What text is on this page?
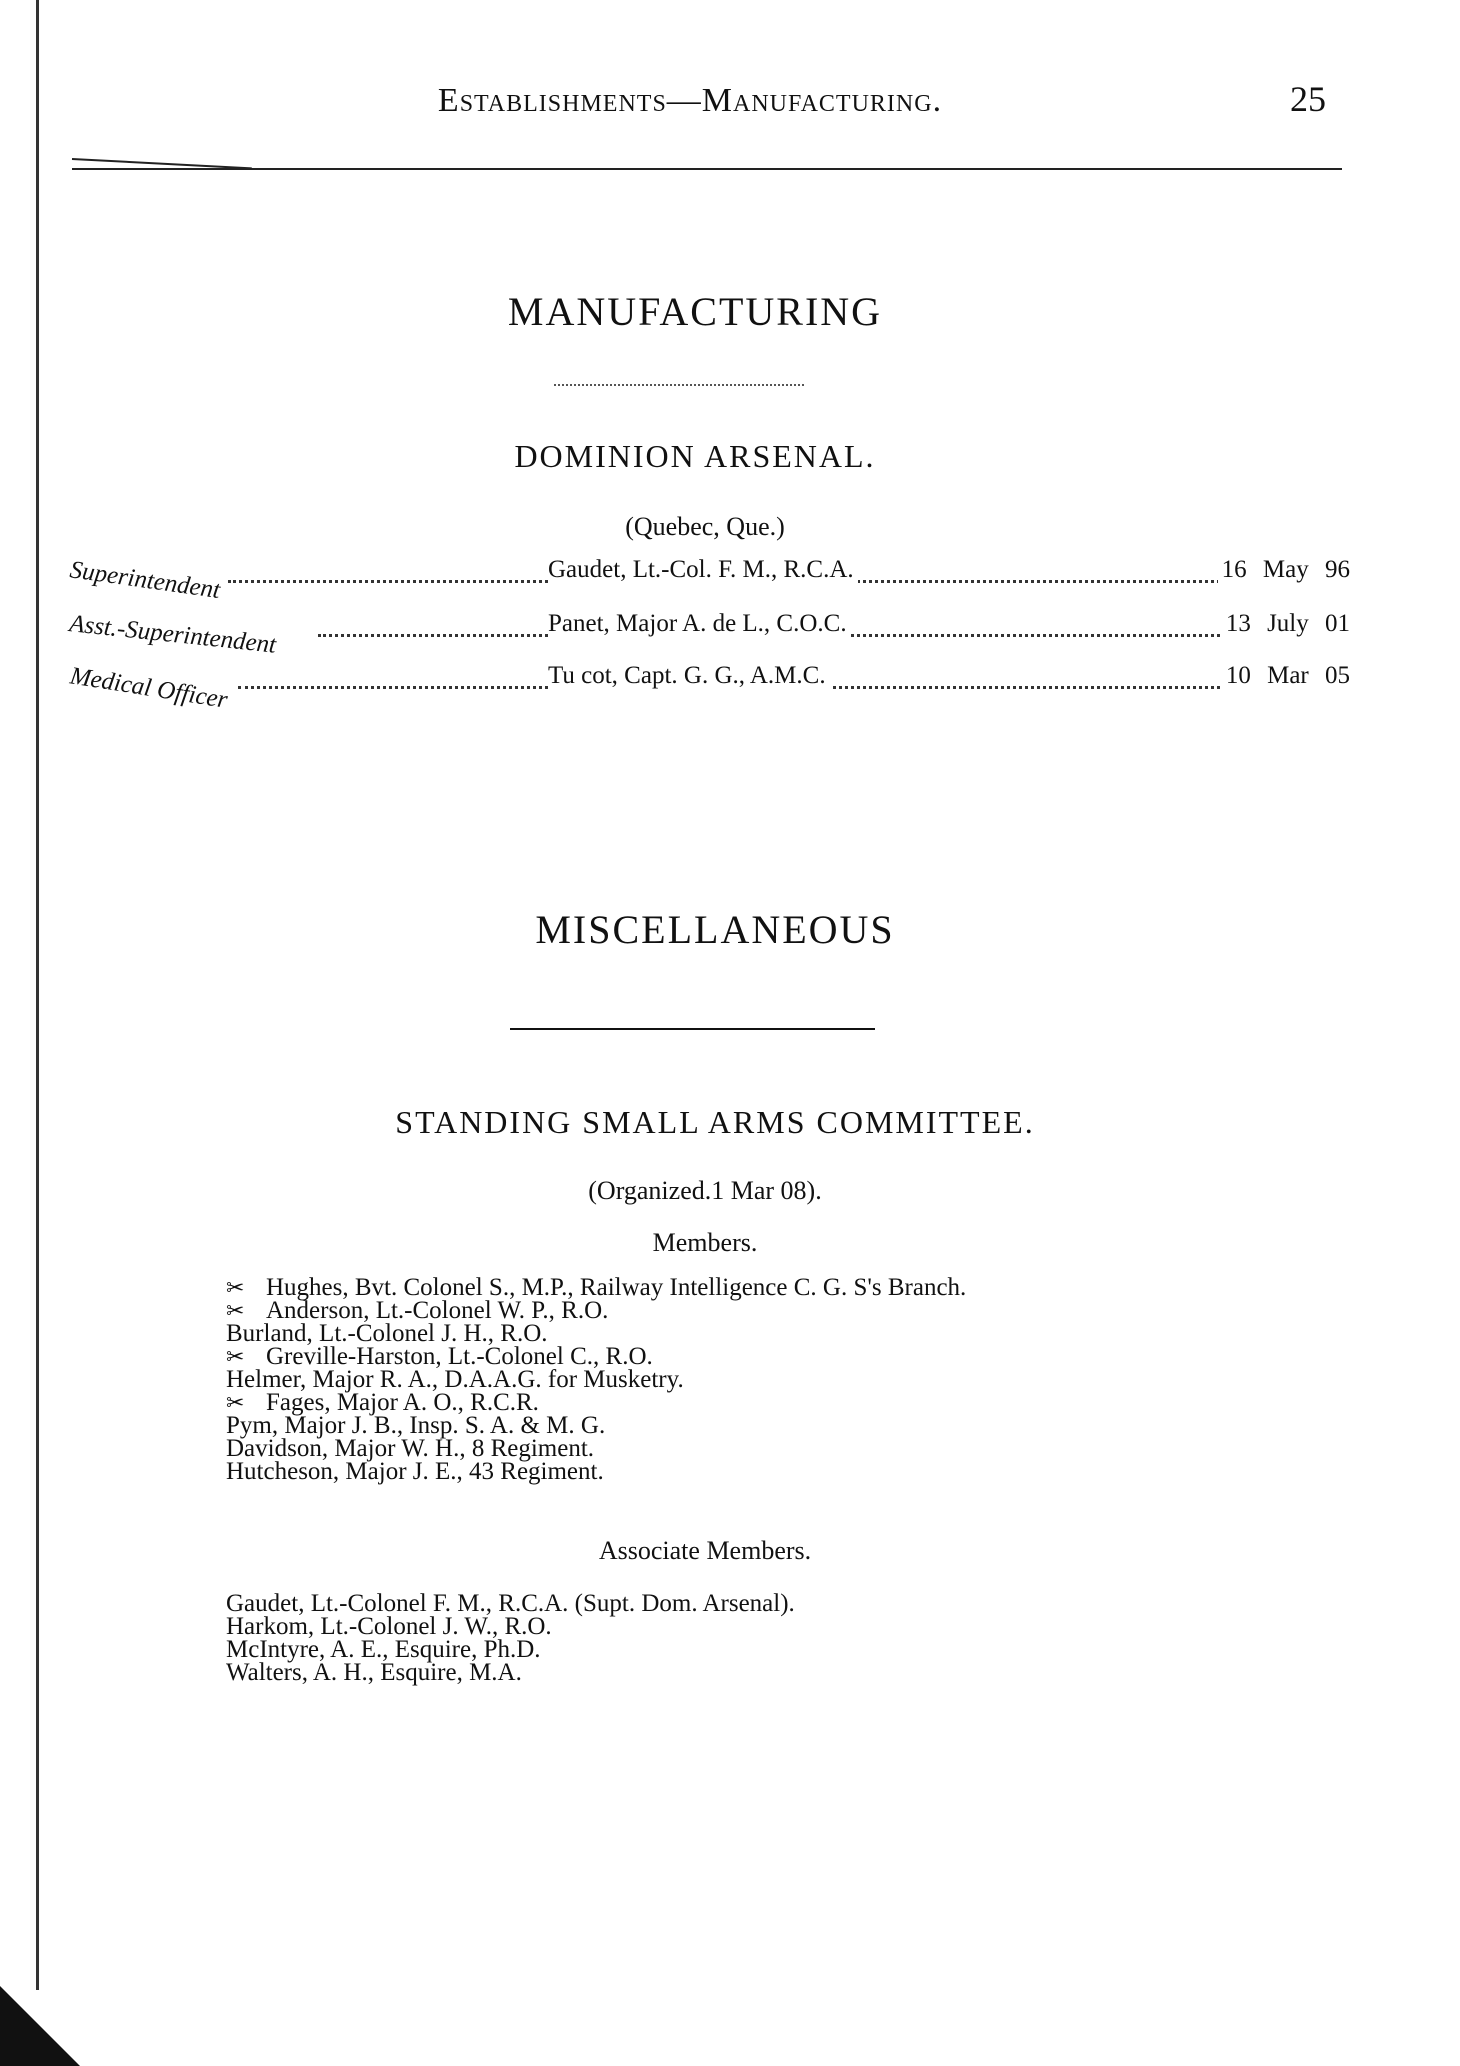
Establishments—Manufacturing.	25
MANUFACTURING
DOMINION ARSENAL.
(Quebec, Que.)
Superintendent	Gaudet, Lt.-Col. F. M., R.C.A.	16 May 96
Asst.-Superintendent	Panet, Major A. de L., C.O.C.	13 July 01
Medical Officer	Tu cot, Capt. G. G., A.M.C.	10 Mar 05
MISCELLANEOUS
STANDING SMALL ARMS COMMITTEE.
(Organized.1 Mar 08).
Members.
✂ Hughes, Bvt. Colonel S., M.P., Railway Intelligence C. G. S's Branch.
✂ Anderson, Lt.-Colonel W. P., R.O.
Burland, Lt.-Colonel J. H., R.O.
✂ Greville-Harston, Lt.-Colonel C., R.O.
Helmer, Major R. A., D.A.A.G. for Musketry.
✂ Fages, Major A. O., R.C.R.
Pym, Major J. B., Insp. S. A. & M. G.
Davidson, Major W. H., 8 Regiment.
Hutcheson, Major J. E., 43 Regiment.
Associate Members.
Gaudet, Lt.-Colonel F. M., R.C.A. (Supt. Dom. Arsenal).
Harkom, Lt.-Colonel J. W., R.O.
McIntyre, A. E., Esquire, Ph.D.
Walters, A. H., Esquire, M.A.
